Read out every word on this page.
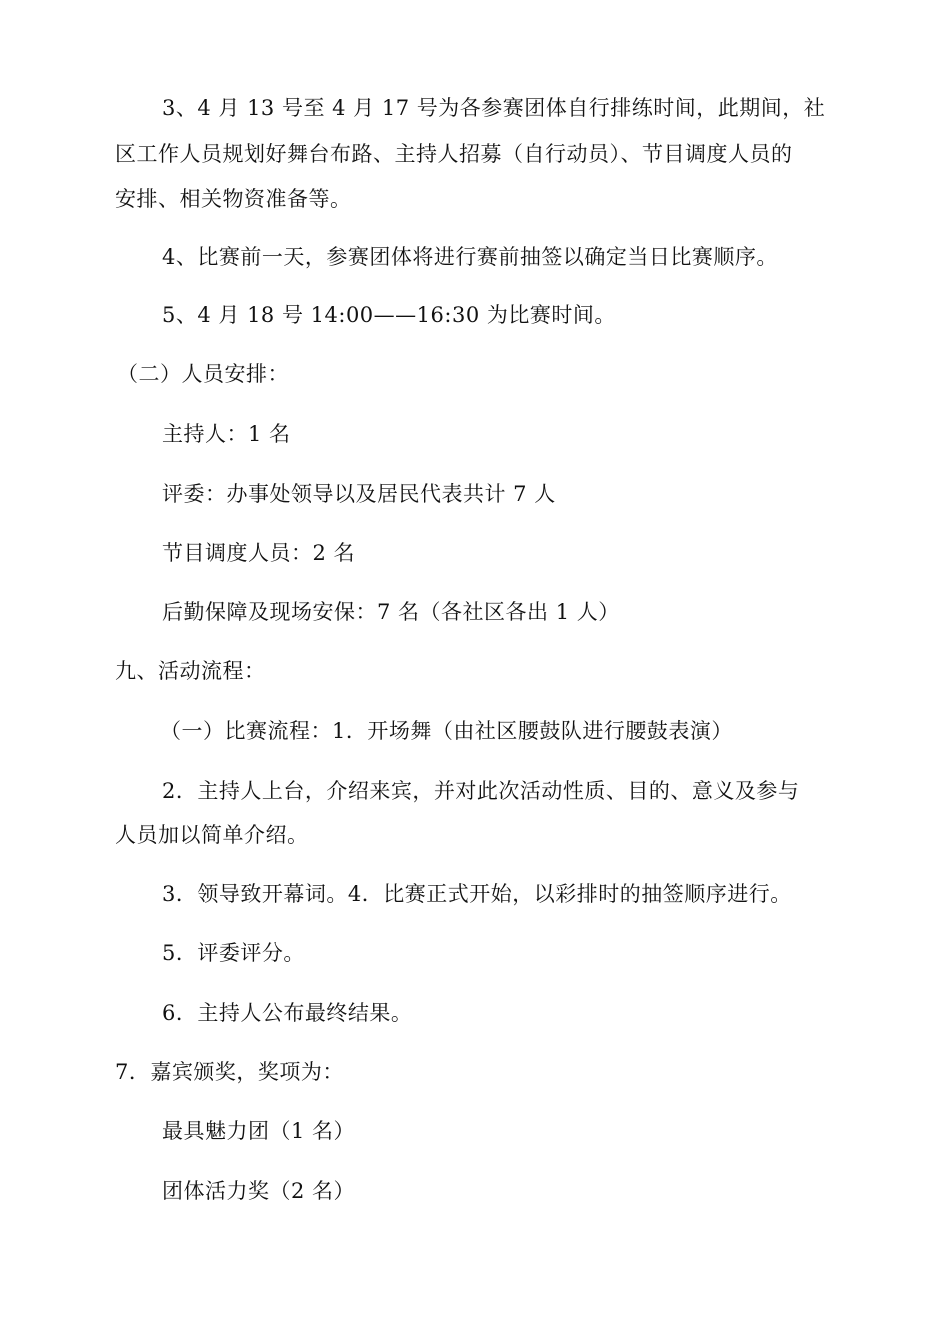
3、4 月 13 号至 4 月 17 号为各参赛团体自行排练时间，此期间，社
区工作人员规划好舞台布路、主持人招募（自行动员）、节目调度人员的
安排、相关物资准备等。
4、比赛前一天，参赛团体将进行赛前抽签以确定当日比赛顺序。
5、4 月 18 号 14:00——16:30 为比赛时间。
（二）人员安排：
主持人：1 名
评委：办事处领导以及居民代表共计 7 人
节目调度人员：2 名
后勤保障及现场安保：7 名（各社区各出 1 人）
九、活动流程：
（一）比赛流程：1．开场舞（由社区腰鼓队进行腰鼓表演）
2．主持人上台，介绍来宾，并对此次活动性质、目的、意义及参与
人员加以简单介绍。
3．领导致开幕词。4．比赛正式开始，以彩排时的抽签顺序进行。
5．评委评分。
6．主持人公布最终结果。
7．嘉宾颁奖，奖项为：
最具魅力团（1 名）
团体活力奖（2 名）
